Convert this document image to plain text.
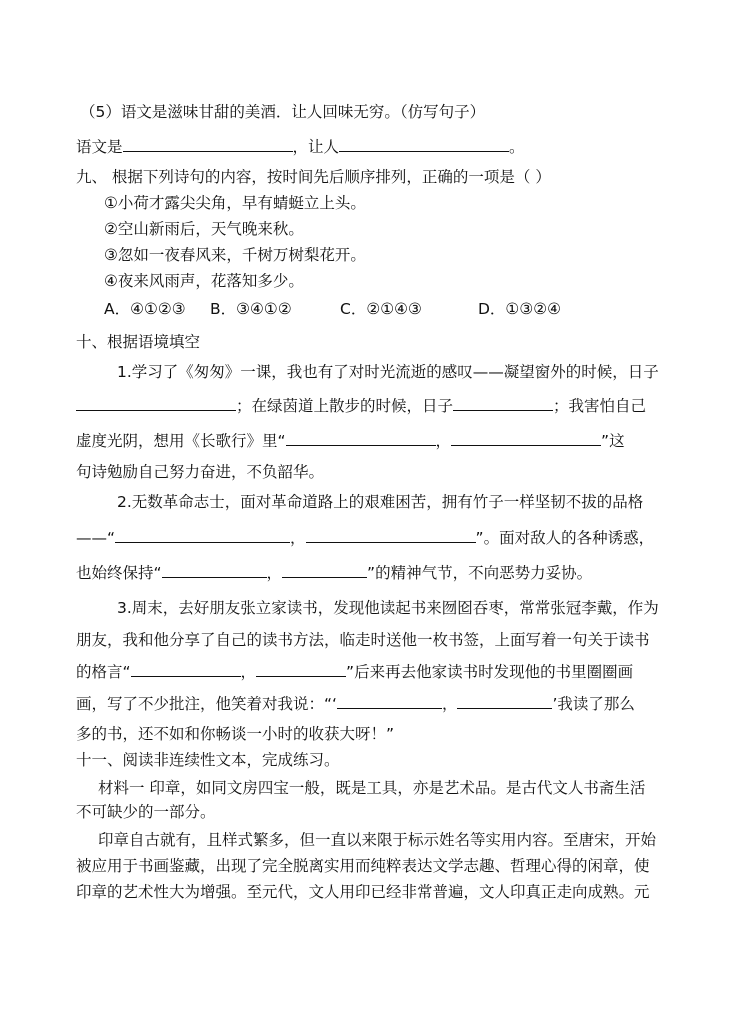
（5）语文是滋味甘甜的美酒．让人回味无穷。（仿写句子）
语文是	，让人	。
九、 根据下列诗句的内容，按时间先后顺序排列，正确的一项是（ ）
①小荷才露尖尖角，早有蜻蜓立上头。
②空山新雨后，天气晚来秋。
③忽如一夜春风来，千树万树梨花开。
④夜来风雨声，花落知多少。
A．④①②③ B．③④①②	C．②①④③	D．①③②④
十、根据语境填空
1.学习了《匆匆》一课，我也有了对时光流逝的感叹——凝望窗外的时候，日子
；在绿茵道上散步的时候，日子	；我害怕自己
虚度光阴，想用《长歌行》里“	，	”这
句诗勉励自己努力奋进，不负韶华。
2.无数革命志士，面对革命道路上的艰难困苦，拥有竹子一样坚韧不拔的品格
——“	，	”。面对敌人的各种诱惑，
也始终保持“	，	”的精神气节，不向恶势力妥协。
3.周末，去好朋友张立家读书，发现他读起书来囫囵吞枣，常常张冠李戴，作为
朋友，我和他分享了自己的读书方法，临走时送他一枚书签，上面写着一句关于读书
的格言“	，	”后来再去他家读书时发现他的书里圈圈画
画，写了不少批注，他笑着对我说：“‘	，	’我读了那么
多的书，还不如和你畅谈一小时的收获大呀！”
十一、阅读非连续性文本，完成练习。
材料一 印章，如同文房四宝一般，既是工具，亦是艺术品。是古代文人书斋生活
不可缺少的一部分。
印章自古就有，且样式繁多，但一直以来限于标示姓名等实用内容。至唐宋，开始
被应用于书画鉴藏，出现了完全脱离实用而纯粹表达文学志趣、哲理心得的闲章，使
印章的艺术性大为增强。至元代，文人用印已经非常普遍，文人印真正走向成熟。元
